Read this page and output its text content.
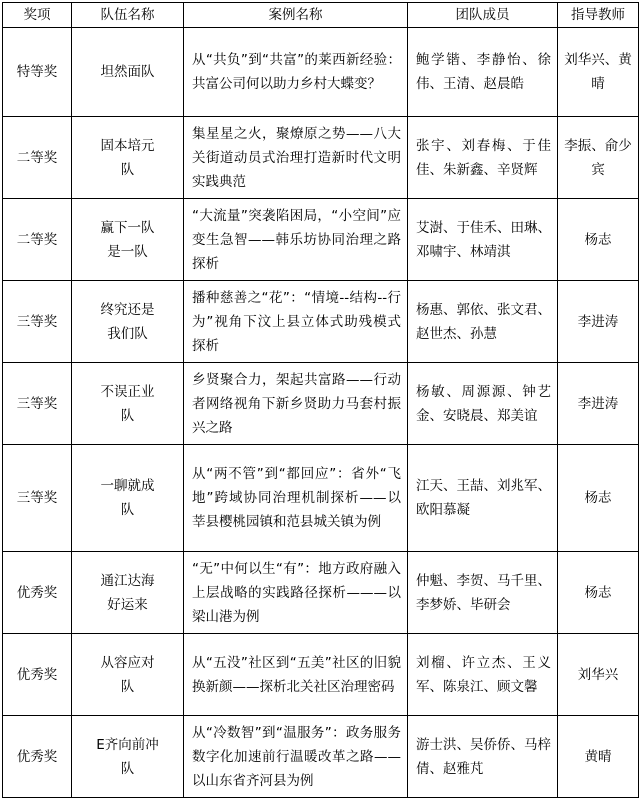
奖项	队伍名称	案例名称	团队成员	指导教师
特等奖	坦然面队	从“共负”到“共富”的莱西新经验：共富公司何以助力乡村大蝶变？	鲍学锴、李静怡、徐伟、王清、赵晨皓	刘华兴、黄晴
二等奖	固本培元队	集星星之火，聚燎原之势——八大关街道动员式治理打造新时代文明实践典范	张宇、刘春梅、于佳佳、朱新鑫、辛贤辉	李振、俞少宾
二等奖	赢下一队是一队	“大流量”突袭陷困局，“小空间”应变生急智——韩乐坊协同治理之路探析	艾澍、于佳禾、田琳、邓啸宇、林靖淇	杨志
三等奖	终究还是我们队	播种慈善之“花”：“情境--结构--行为”视角下汶上县立体式助残模式探析	杨惠、郭依、张文君、赵世杰、孙慧	李进涛
三等奖	不误正业队	乡贤聚合力，架起共富路——行动者网络视角下新乡贤助力马套村振兴之路	杨敏、周源源、钟艺金、安晓晨、郑美谊	李进涛
三等奖	一聊就成队	从“两不管”到“都回应”：省外“飞地”跨域协同治理机制探析——以莘县樱桃园镇和范县城关镇为例	江天、王喆、刘兆军、欧阳慕凝	杨志
优秀奖	通江达海好运来	“无”中何以生“有”：地方政府融入上层战略的实践路径探析———以梁山港为例	仲魁、李贺、马千里、李梦娇、毕研会	杨志
优秀奖	从容应对队	从“五没”社区到“五美”社区的旧貌换新颜——探析北关社区治理密码	刘榴、许立杰、王义军、陈泉江、顾文馨	刘华兴
优秀奖	E齐向前冲队	从“冷数智”到“温服务”：政务服务数字化加速前行温暖改革之路——以山东省齐河县为例	游士洪、吴侨侨、马梓倩、赵雅芃	黄晴
